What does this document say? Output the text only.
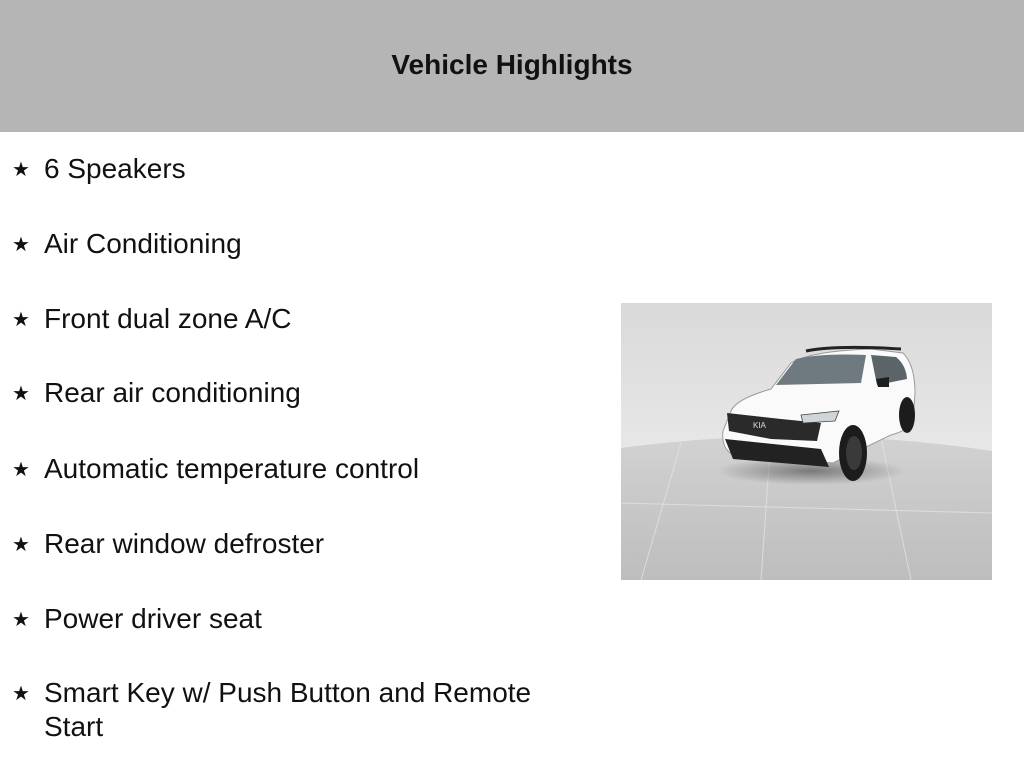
Vehicle Highlights
★ 6 Speakers
★ Air Conditioning
★ Front dual zone A/C
★ Rear air conditioning
★ Automatic temperature control
★ Rear window defroster
★ Power driver seat
★ Smart Key w/ Push Button and Remote Start
KIA
